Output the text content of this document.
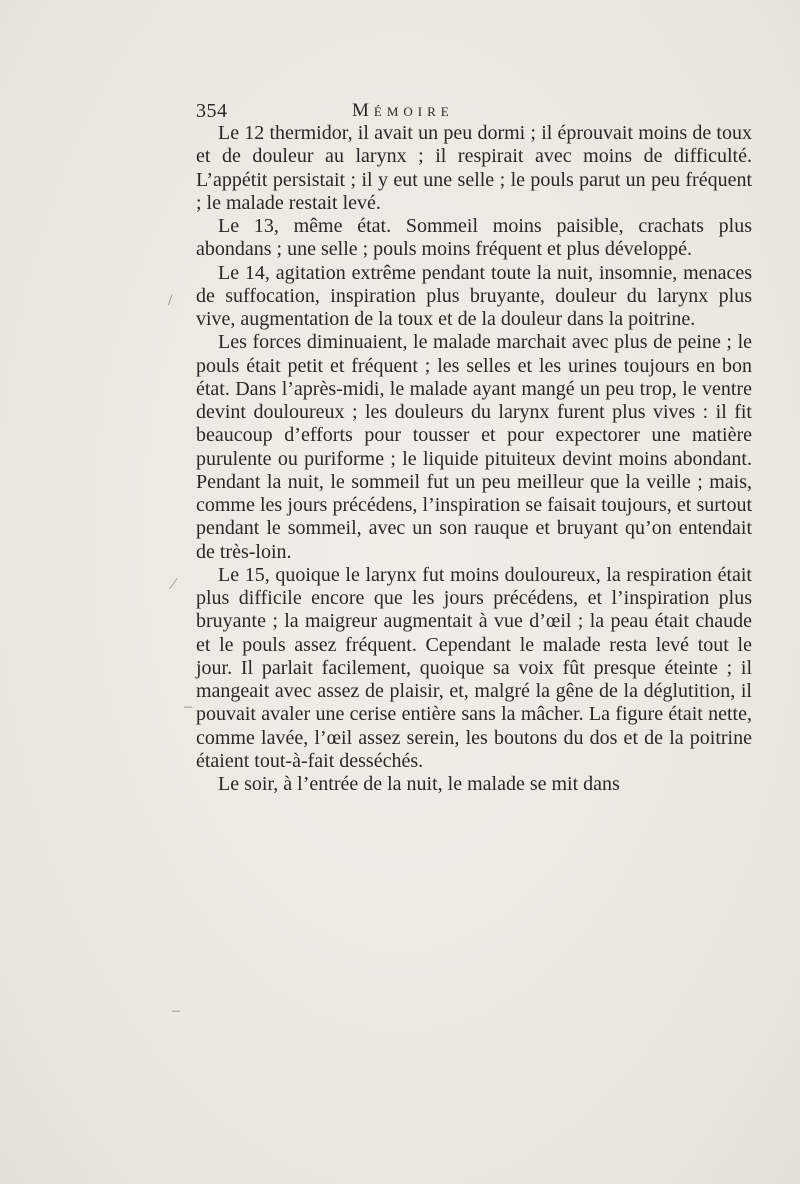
/
⁄
–
–
354	Mémoire

Le 12 thermidor, il avait un peu dormi ; il éprouvait moins de toux et de douleur au larynx ; il respirait avec moins de difficulté. L’appétit persistait ; il y eut une selle ; le pouls parut un peu fréquent ; le malade restait levé.

Le 13, même état. Sommeil moins paisible, crachats plus abondans ; une selle ; pouls moins fréquent et plus développé.

Le 14, agitation extrême pendant toute la nuit, insomnie, menaces de suffocation, inspiration plus bruyante, douleur du larynx plus vive, augmentation de la toux et de la douleur dans la poitrine.

Les forces diminuaient, le malade marchait avec plus de peine ; le pouls était petit et fréquent ; les selles et les urines toujours en bon état. Dans l’après-midi, le malade ayant mangé un peu trop, le ventre devint douloureux ; les douleurs du larynx furent plus vives : il fit beaucoup d’efforts pour tousser et pour expectorer une matière purulente ou puriforme ; le liquide pituiteux devint moins abondant. Pendant la nuit, le sommeil fut un peu meilleur que la veille ; mais, comme les jours précédens, l’inspiration se faisait toujours, et surtout pendant le sommeil, avec un son rauque et bruyant qu’on entendait de très-loin.

Le 15, quoique le larynx fut moins douloureux, la respiration était plus difficile encore que les jours précédens, et l’inspiration plus bruyante ; la maigreur augmentait à vue d’œil ; la peau était chaude et le pouls assez fréquent. Cependant le malade resta levé tout le jour. Il parlait facilement, quoique sa voix fût presque éteinte ; il mangeait avec assez de plaisir, et, malgré la gêne de la déglutition, il pouvait avaler une cerise entière sans la mâcher. La figure était nette, comme lavée, l’œil assez serein, les boutons du dos et de la poitrine étaient tout-à-fait desséchés.

Le soir, à l’entrée de la nuit, le malade se mit dans
